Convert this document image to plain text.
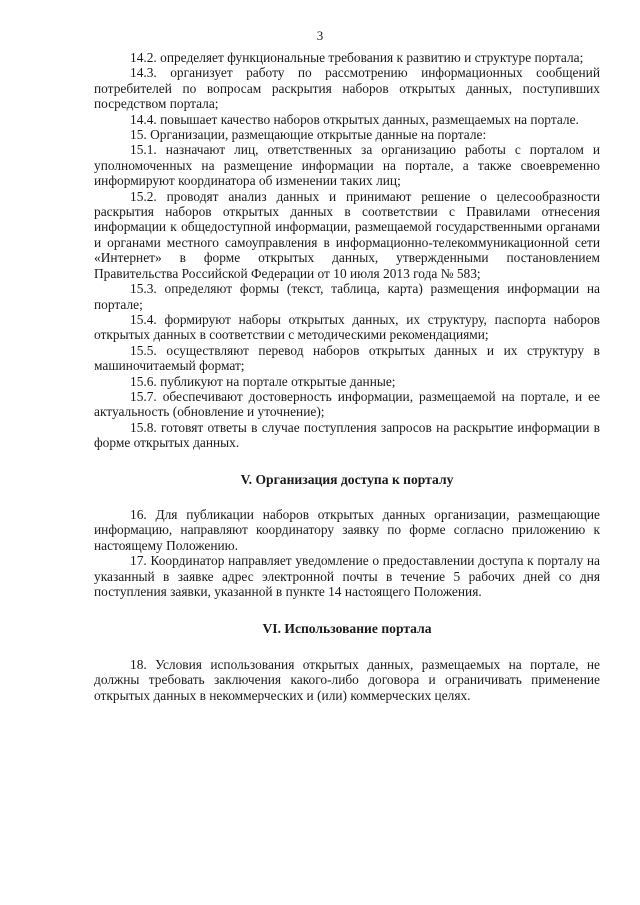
3

14.2. определяет функциональные требования к развитию и структуре портала;

14.3. организует работу по рассмотрению информационных сообщений потребителей по вопросам раскрытия наборов открытых данных, поступивших посредством портала;

14.4. повышает качество наборов открытых данных, размещаемых на портале.

15. Организации, размещающие открытые данные на портале:

15.1. назначают лиц, ответственных за организацию работы с порталом и уполномоченных на размещение информации на портале, а также своевременно информируют координатора об изменении таких лиц;

15.2. проводят анализ данных и принимают решение о целесообразности раскрытия наборов открытых данных в соответствии с Правилами отнесения информации к общедоступной информации, размещаемой государственными органами и органами местного самоуправления в информационно-телекоммуникационной сети «Интернет» в форме открытых данных, утвержденными постановлением Правительства Российской Федерации от 10 июля 2013 года № 583;

15.3. определяют формы (текст, таблица, карта) размещения информации на портале;

15.4. формируют наборы открытых данных, их структуру, паспорта наборов открытых данных в соответствии с методическими рекомендациями;

15.5. осуществляют перевод наборов открытых данных и их структуру в машиночитаемый формат;

15.6. публикуют на портале открытые данные;

15.7. обеспечивают достоверность информации, размещаемой на портале, и ее актуальность (обновление и уточнение);

15.8. готовят ответы в случае поступления запросов на раскрытие информации в форме открытых данных.

V. Организация доступа к порталу

16. Для публикации наборов открытых данных организации, размещающие информацию, направляют координатору заявку по форме согласно приложению к настоящему Положению.

17. Координатор направляет уведомление о предоставлении доступа к порталу на указанный в заявке адрес электронной почты в течение 5 рабочих дней со дня поступления заявки, указанной в пункте 14 настоящего Положения.

VI. Использование портала

18. Условия использования открытых данных, размещаемых на портале, не должны требовать заключения какого-либо договора и ограничивать применение открытых данных в некоммерческих и (или) коммерческих целях.
